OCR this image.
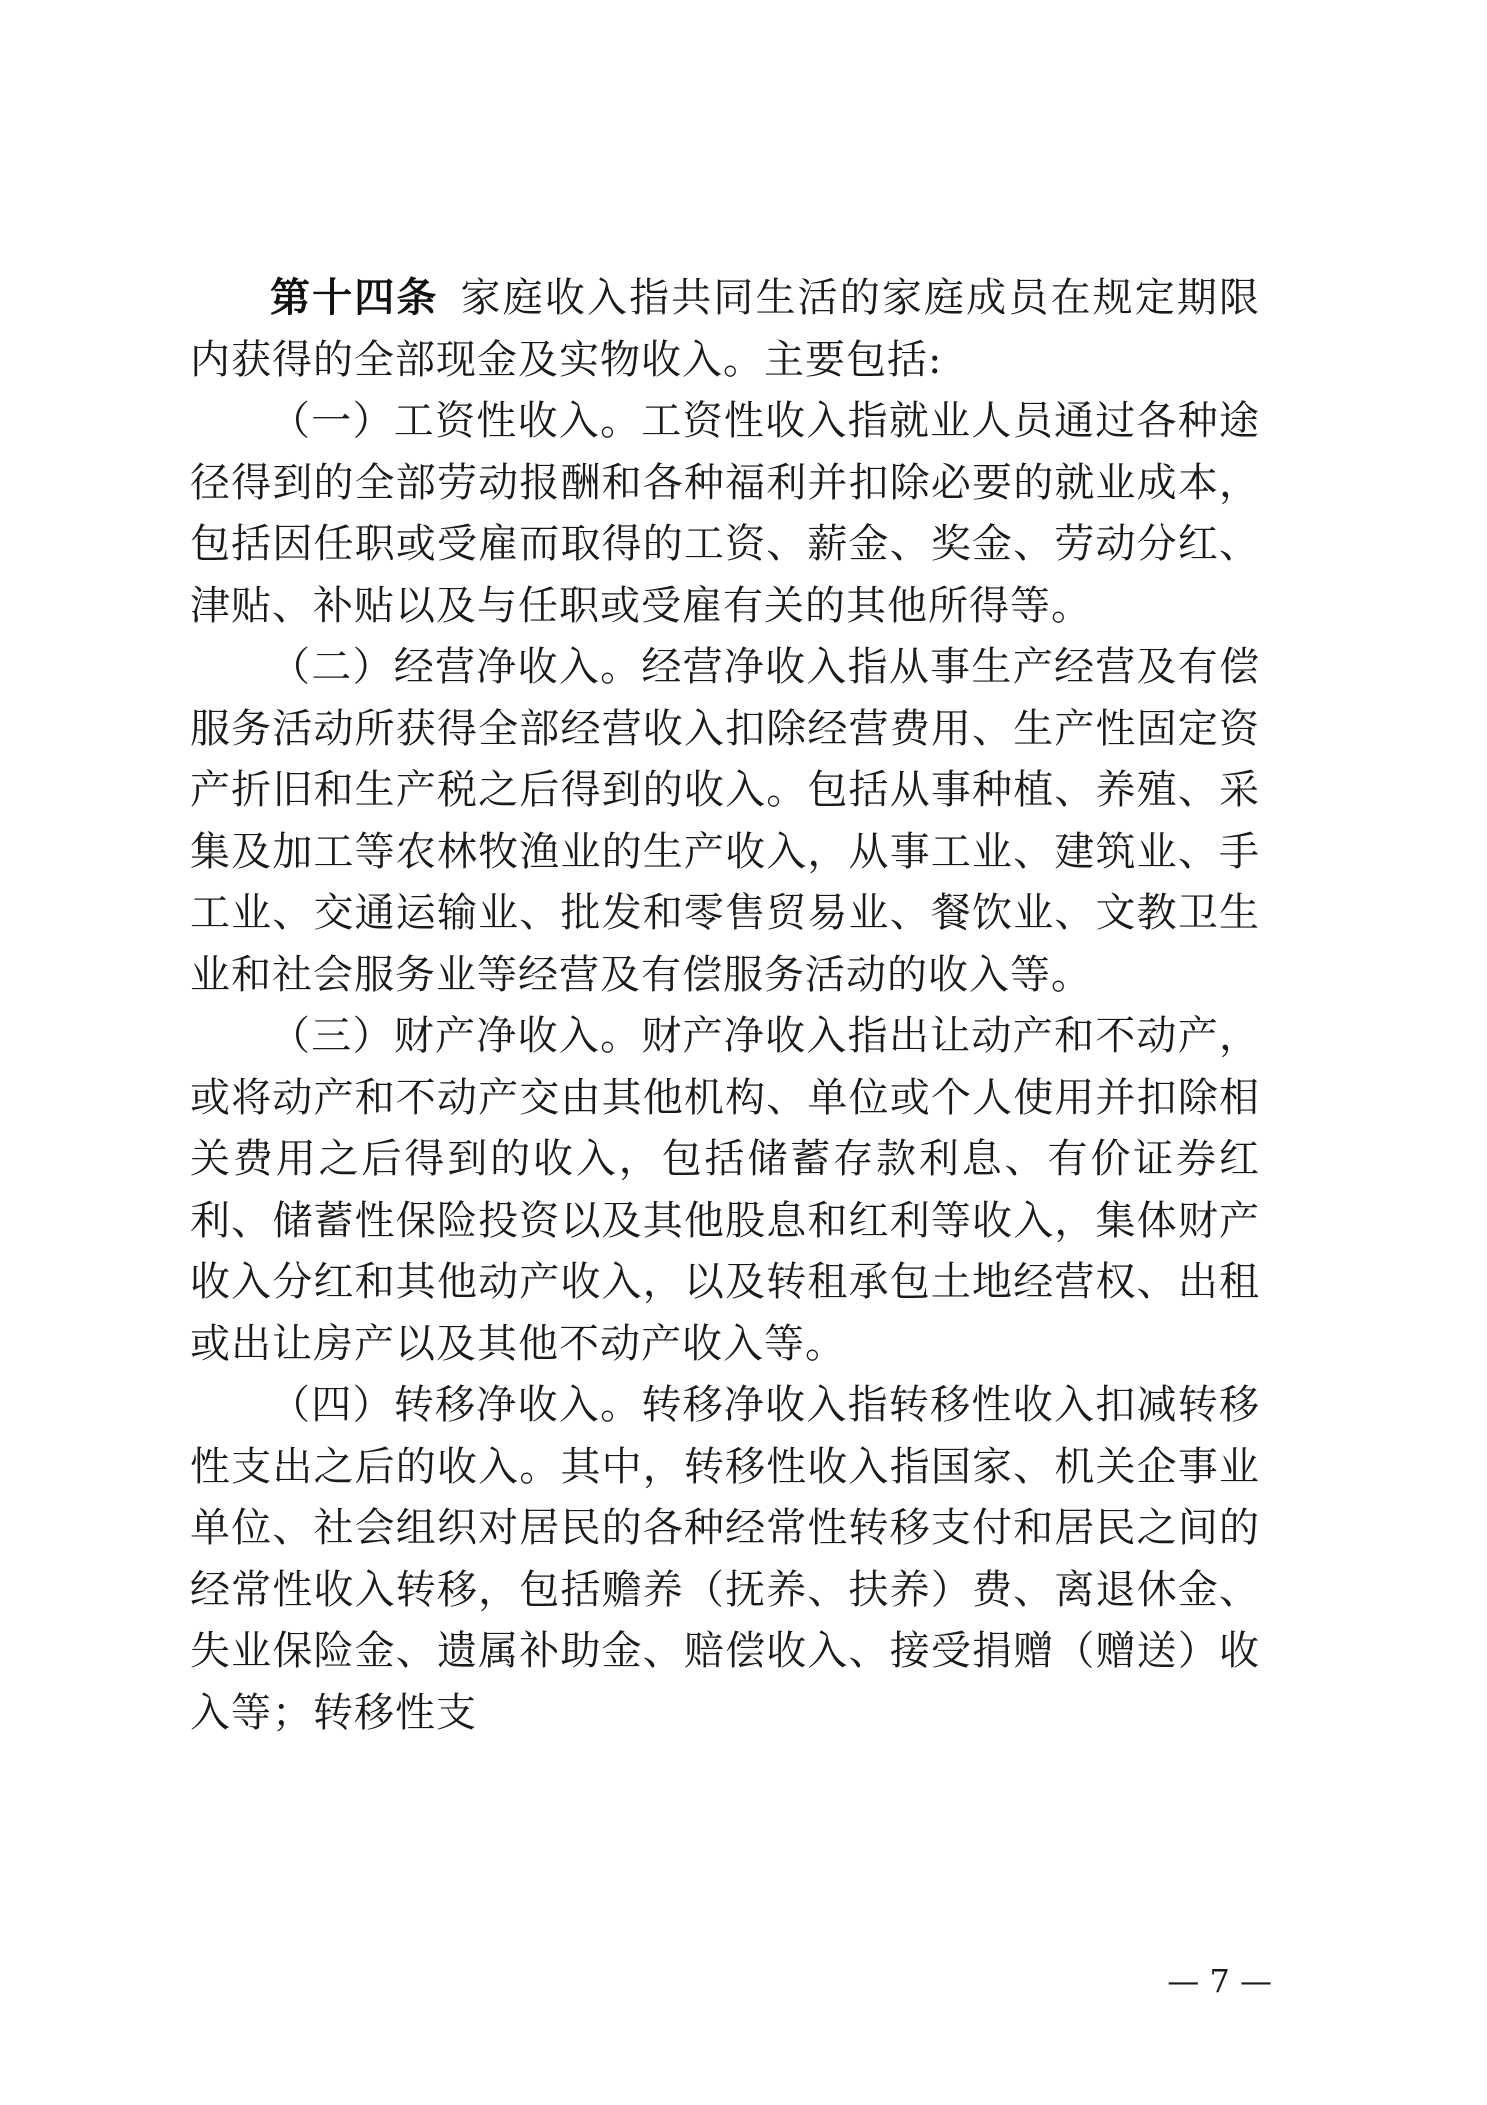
第十四条 家庭收入指共同生活的家庭成员在规定期限内获得的全部现金及实物收入。主要包括:

（一）工资性收入。工资性收入指就业人员通过各种途径得到的全部劳动报酬和各种福利并扣除必要的就业成本，包括因任职或受雇而取得的工资、薪金、奖金、劳动分红、津贴、补贴以及与任职或受雇有关的其他所得等。

（二）经营净收入。经营净收入指从事生产经营及有偿服务活动所获得全部经营收入扣除经营费用、生产性固定资产折旧和生产税之后得到的收入。包括从事种植、养殖、采集及加工等农林牧渔业的生产收入，从事工业、建筑业、手工业、交通运输业、批发和零售贸易业、餐饮业、文教卫生业和社会服务业等经营及有偿服务活动的收入等。

（三）财产净收入。财产净收入指出让动产和不动产，或将动产和不动产交由其他机构、单位或个人使用并扣除相关费用之后得到的收入，包括储蓄存款利息、有价证券红利、储蓄性保险投资以及其他股息和红利等收入，集体财产收入分红和其他动产收入，以及转租承包土地经营权、出租或出让房产以及其他不动产收入等。

（四）转移净收入。转移净收入指转移性收入扣减转移性支出之后的收入。其中，转移性收入指国家、机关企事业单位、社会组织对居民的各种经常性转移支付和居民之间的经常性收入转移，包括赡养（抚养、扶养）费、离退休金、失业保险金、遗属补助金、赔偿收入、接受捐赠（赠送）收入等；转移性支

— 7 —
